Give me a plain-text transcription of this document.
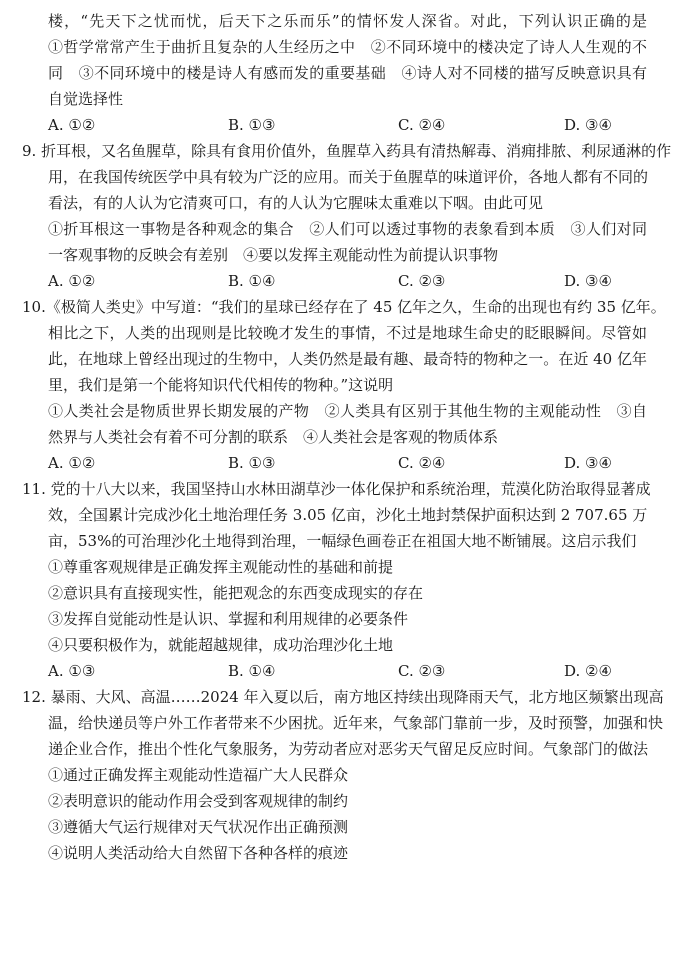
楼，“先天下之忧而忧，后天下之乐而乐”的情怀发人深省。对此，下列认识正确的是
①哲学常常产生于曲折且复杂的人生经历之中　②不同环境中的楼决定了诗人人生观的不
同　③不同环境中的楼是诗人有感而发的重要基础　④诗人对不同楼的描写反映意识具有
自觉选择性
A. ①②	B. ①③	C. ②④	D. ③④
9. 折耳根，又名鱼腥草，除具有食用价值外，鱼腥草入药具有清热解毒、消痈排脓、利尿通淋的作
用，在我国传统医学中具有较为广泛的应用。而关于鱼腥草的味道评价，各地人都有不同的
看法，有的人认为它清爽可口，有的人认为它腥味太重难以下咽。由此可见
①折耳根这一事物是各种观念的集合　②人们可以透过事物的表象看到本质　③人们对同
一客观事物的反映会有差别　④要以发挥主观能动性为前提认识事物
A. ①②	B. ①④	C. ②③	D. ③④
10.《极简人类史》中写道：“我们的星球已经存在了 45 亿年之久，生命的出现也有约 35 亿年。
相比之下，人类的出现则是比较晚才发生的事情，不过是地球生命史的眨眼瞬间。尽管如
此，在地球上曾经出现过的生物中，人类仍然是最有趣、最奇特的物种之一。在近 40 亿年
里，我们是第一个能将知识代代相传的物种。”这说明
①人类社会是物质世界长期发展的产物　②人类具有区别于其他生物的主观能动性　③自
然界与人类社会有着不可分割的联系　④人类社会是客观的物质体系
A. ①②	B. ①③	C. ②④	D. ③④
11. 党的十八大以来，我国坚持山水林田湖草沙一体化保护和系统治理，荒漠化防治取得显著成
效，全国累计完成沙化土地治理任务 3.05 亿亩，沙化土地封禁保护面积达到 2 707.65 万
亩，53%的可治理沙化土地得到治理，一幅绿色画卷正在祖国大地不断铺展。这启示我们
①尊重客观规律是正确发挥主观能动性的基础和前提
②意识具有直接现实性，能把观念的东西变成现实的存在
③发挥自觉能动性是认识、掌握和利用规律的必要条件
④只要积极作为，就能超越规律，成功治理沙化土地
A. ①③	B. ①④	C. ②③	D. ②④
12. 暴雨、大风、高温……2024 年入夏以后，南方地区持续出现降雨天气，北方地区频繁出现高
温，给快递员等户外工作者带来不少困扰。近年来，气象部门靠前一步，及时预警，加强和快
递企业合作，推出个性化气象服务，为劳动者应对恶劣天气留足反应时间。气象部门的做法
①通过正确发挥主观能动性造福广大人民群众
②表明意识的能动作用会受到客观规律的制约
③遵循大气运行规律对天气状况作出正确预测
④说明人类活动给大自然留下各种各样的痕迹
